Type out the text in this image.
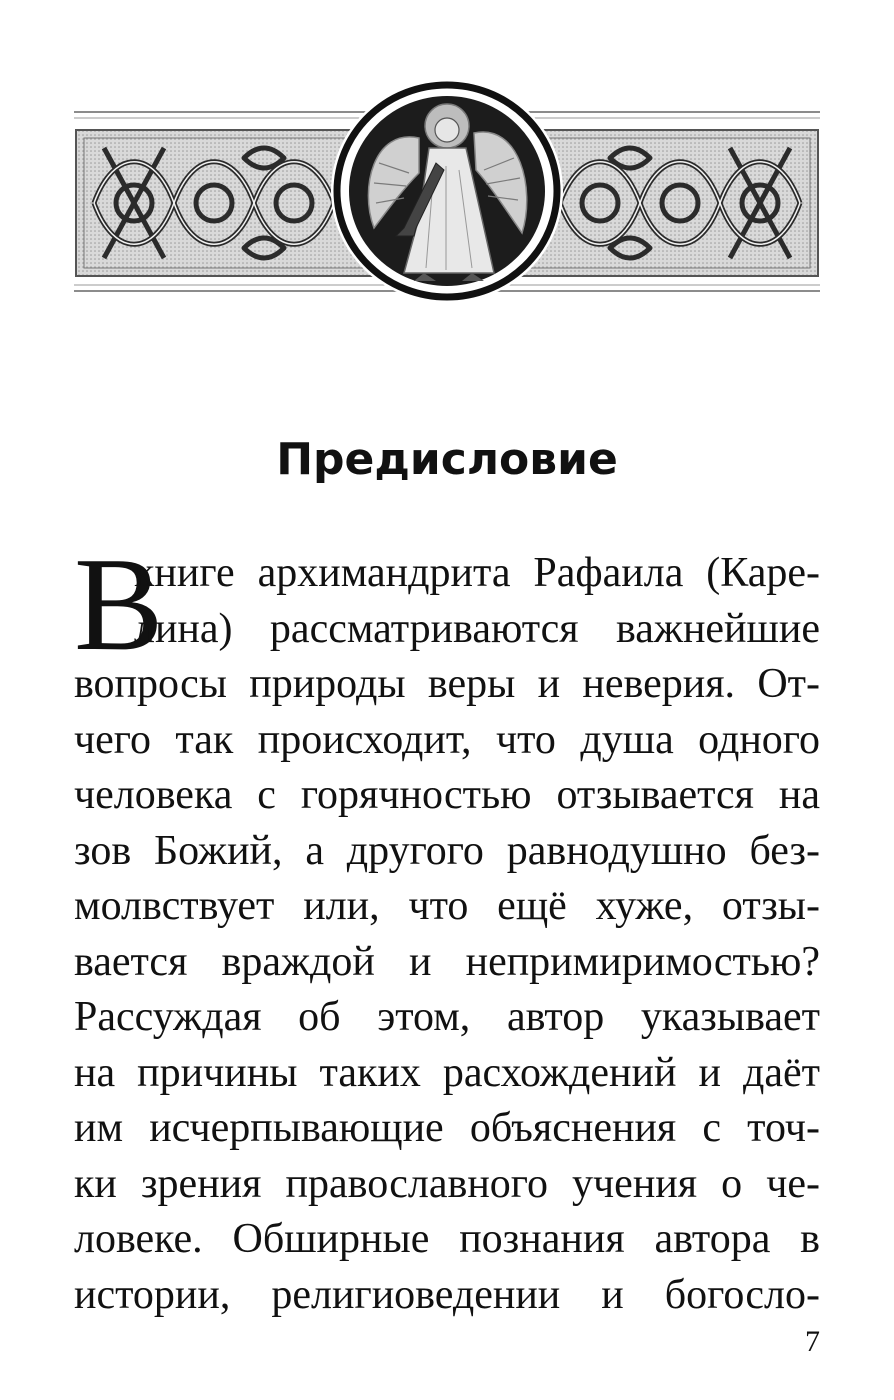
Предисловие
В
книге архимандрита Рафаила (Каре-
лина) рассматриваются важнейшие
вопросы природы веры и неверия. От-
чего так происходит, что душа одного
человека с горячностью отзывается на
зов Божий, а другого равнодушно без-
молвствует или, что ещё хуже, отзы-
вается враждой и непримиримостью?
Рассуждая об этом, автор указывает
на причины таких расхождений и даёт
им исчерпывающие объяснения с точ-
ки зрения православного учения о че-
ловеке. Обширные познания автора в
истории, религиоведении и богосло-
7
